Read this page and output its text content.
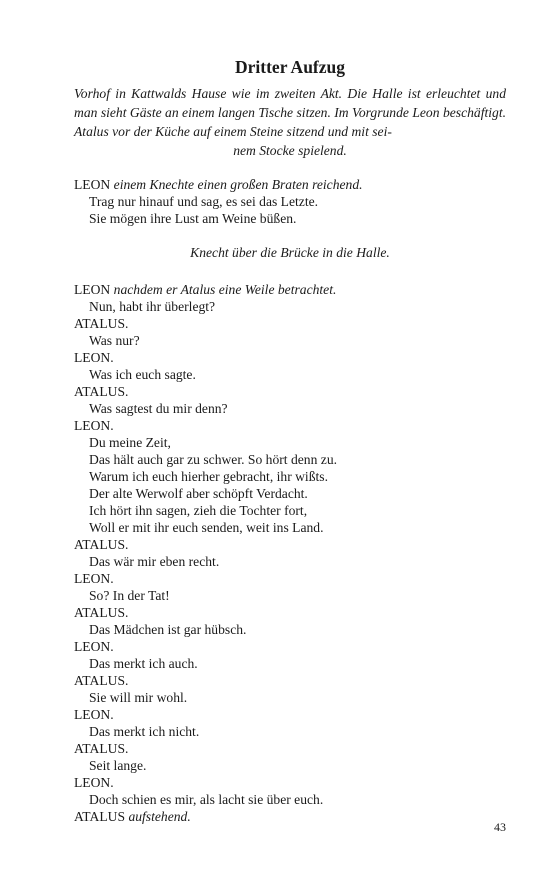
Dritter Aufzug

Vorhof in Kattwalds Hause wie im zweiten Akt. Die Halle ist erleuchtet und man sieht Gäste an einem langen Tische sitzen. Im Vorgrunde Leon beschäftigt. Atalus vor der Küche auf einem Steine sitzend und mit sei-
nem Stocke spielend.

LEON einem Knechte einen großen Braten reichend.

Trag nur hinauf und sag, es sei das Letzte.

Sie mögen ihre Lust am Weine büßen.

Knecht über die Brücke in die Halle.

LEON nachdem er Atalus eine Weile betrachtet.

Nun, habt ihr überlegt?

ATALUS.

Was nur?

LEON.

Was ich euch sagte.

ATALUS.

Was sagtest du mir denn?

LEON.

Du meine Zeit,

Das hält auch gar zu schwer. So hört denn zu.

Warum ich euch hierher gebracht, ihr wißts.

Der alte Werwolf aber schöpft Verdacht.

Ich hört ihn sagen, zieh die Tochter fort,

Woll er mit ihr euch senden, weit ins Land.

ATALUS.

Das wär mir eben recht.

LEON.

So? In der Tat!

ATALUS.

Das Mädchen ist gar hübsch.

LEON.

Das merkt ich auch.

ATALUS.

Sie will mir wohl.

LEON.

Das merkt ich nicht.

ATALUS.

Seit lange.

LEON.

Doch schien es mir, als lacht sie über euch.

ATALUS aufstehend.

43
